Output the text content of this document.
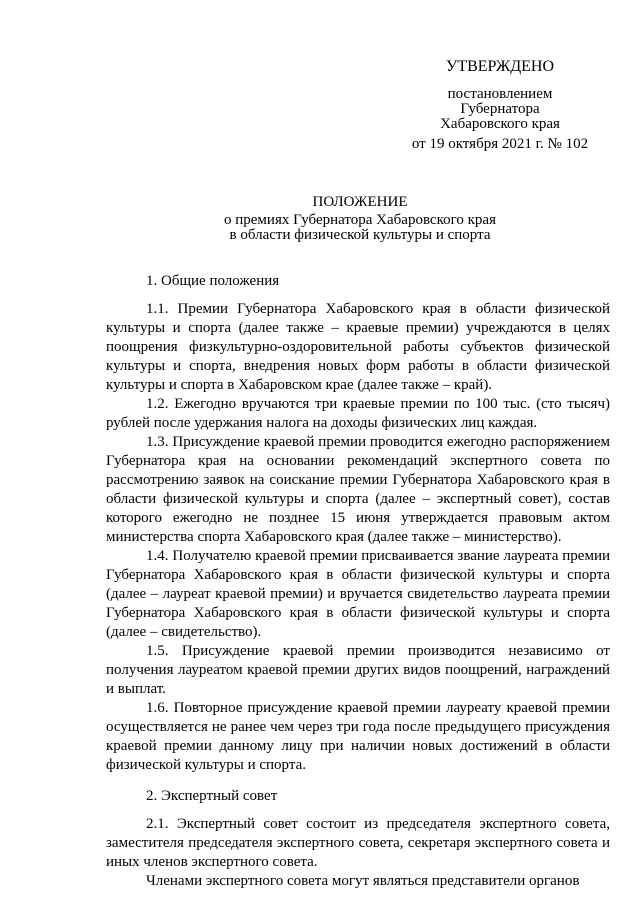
УТВЕРЖДЕНО
постановлением
Губернатора
Хабаровского края
от 19 октября 2021 г. № 102
ПОЛОЖЕНИЕ
о премиях Губернатора Хабаровского края
в области физической культуры и спорта
1. Общие положения

1.1. Премии Губернатора Хабаровского края в области физической культуры и спорта (далее также – краевые премии) учреждаются в целях поощрения физкультурно-оздоровительной работы субъектов физической культуры и спорта, внедрения новых форм работы в области физической культуры и спорта в Хабаровском крае (далее также – край).

1.2. Ежегодно вручаются три краевые премии по 100 тыс. (сто тысяч) рублей после удержания налога на доходы физических лиц каждая.

1.3. Присуждение краевой премии проводится ежегодно распоряжением Губернатора края на основании рекомендаций экспертного совета по рассмотрению заявок на соискание премии Губернатора Хабаровского края в области физической культуры и спорта (далее – экспертный совет), состав которого ежегодно не позднее 15 июня утверждается правовым актом министерства спорта Хабаровского края (далее также – министерство).

1.4. Получателю краевой премии присваивается звание лауреата премии Губернатора Хабаровского края в области физической культуры и спорта (далее – лауреат краевой премии) и вручается свидетельство лауреата премии Губернатора Хабаровского края в области физической культуры и спорта (далее – свидетельство).

1.5. Присуждение краевой премии производится независимо от получения лауреатом краевой премии других видов поощрений, награждений и выплат.

1.6. Повторное присуждение краевой премии лауреату краевой премии осуществляется не ранее чем через три года после предыдущего присуждения краевой премии данному лицу при наличии новых достижений в области физической культуры и спорта.

2. Экспертный совет

2.1. Экспертный совет состоит из председателя экспертного совета, заместителя председателя экспертного совета, секретаря экспертного совета и иных членов экспертного совета.

Членами экспертного совета могут являться представители органов
